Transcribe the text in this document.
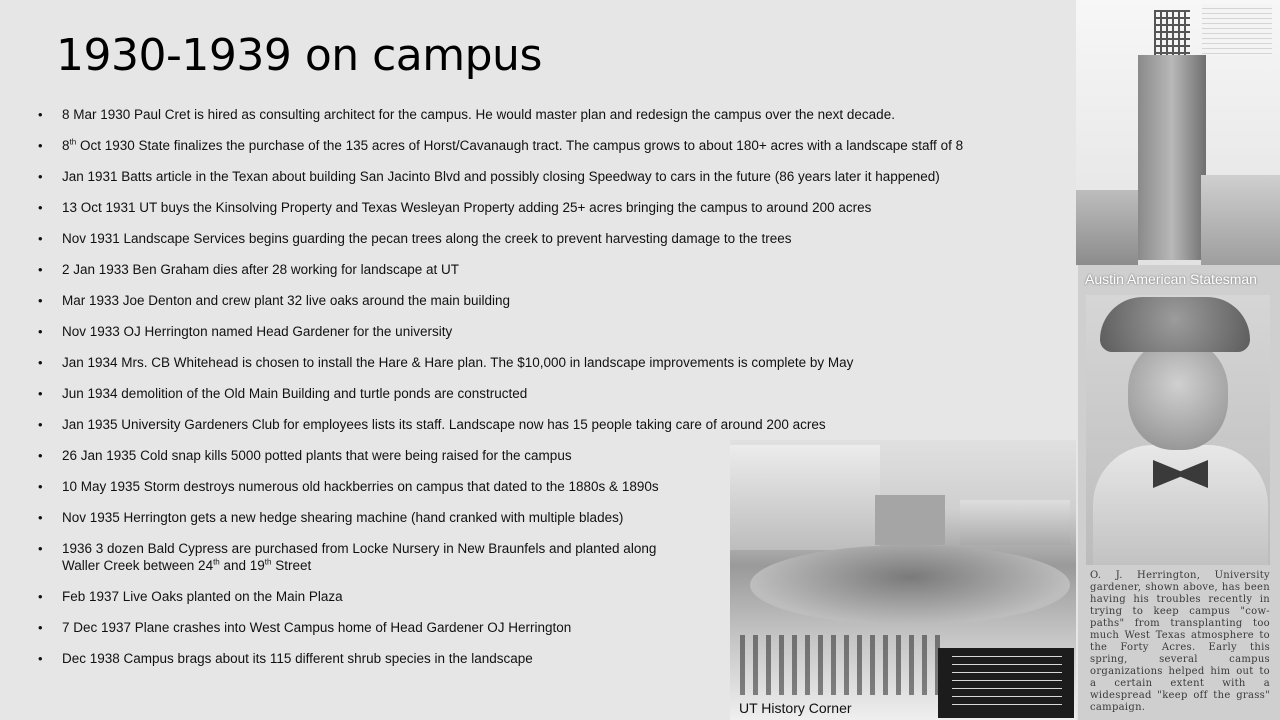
1930-1939 on campus
• 8 Mar 1930 Paul Cret is hired as consulting architect for the campus. He would master plan and redesign the campus over the next decade.
• 8th Oct 1930 State finalizes the purchase of the 135 acres of Horst/Cavanaugh tract. The campus grows to about 180+ acres with a landscape staff of 8
• Jan 1931 Batts article in the Texan about building San Jacinto Blvd and possibly closing Speedway to cars in the future (86 years later it happened)
• 13 Oct 1931 UT buys the Kinsolving Property and Texas Wesleyan Property adding 25+ acres bringing the campus to around 200 acres
• Nov 1931 Landscape Services begins guarding the pecan trees along the creek to prevent harvesting damage to the trees
• 2 Jan 1933 Ben Graham dies after 28 working for landscape at UT
• Mar 1933 Joe Denton and crew plant 32 live oaks around the main building
• Nov 1933 OJ Herrington named Head Gardener for the university
• Jan 1934 Mrs. CB Whitehead is chosen to install the Hare & Hare plan. The $10,000 in landscape improvements is complete by May
• Jun 1934 demolition of the Old Main Building and turtle ponds are constructed
• Jan 1935 University Gardeners Club for employees lists its staff. Landscape now has 15 people taking care of around 200 acres
• 26 Jan 1935 Cold snap kills 5000 potted plants that were being raised for the campus
• 10 May 1935 Storm destroys numerous old hackberries on campus that dated to the 1880s & 1890s
• Nov 1935 Herrington gets a new hedge shearing machine (hand cranked with multiple blades)
• 1936 3 dozen Bald Cypress are purchased from Locke Nursery in New Braunfels and planted along
Waller Creek between 24th and 19th Street
• Feb 1937 Live Oaks planted on the Main Plaza
• 7 Dec 1937 Plane crashes into West Campus home of Head Gardener OJ Herrington
• Dec 1938 Campus brags about its 115 different shrub species in the landscape
O. J. Herrington, University gardener, shown above, has been having his troubles recently in trying to keep campus "cow-paths" from transplanting too much West Texas atmosphere to the Forty Acres. Early this spring, several campus organizations helped him out to a certain extent with a widespread "keep off the grass" campaign.
Austin American Statesman
UT History Corner
